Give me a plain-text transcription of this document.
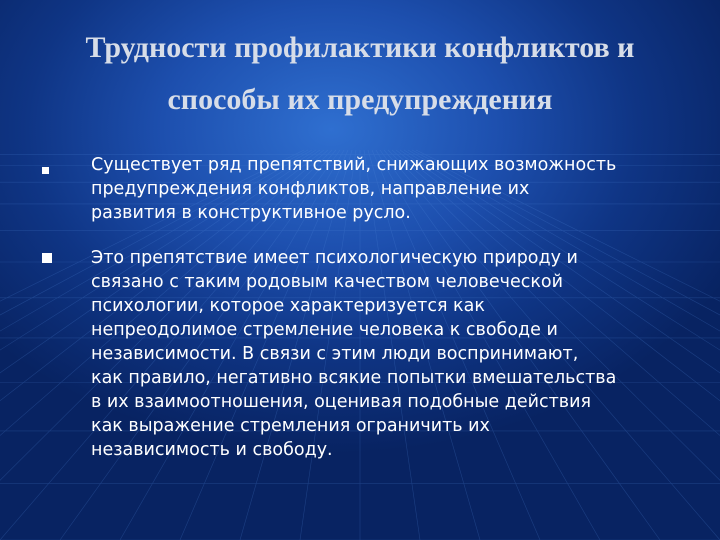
Трудности профилактики конфликтов и
способы их предупреждения

Существует ряд препятствий, снижающих возможность
предупреждения конфликтов, направление их
развития в конструктивное русло.

Это препятствие имеет психологическую природу и
связано с таким родовым качеством человеческой
психологии, которое характеризуется как
непреодолимое стремление человека к свободе и
независимости. В связи с этим люди воспринимают,
как правило, негативно всякие попытки вмешательства
в их взаимоотношения, оценивая подобные действия
как выражение стремления ограничить их
независимость и свободу.
